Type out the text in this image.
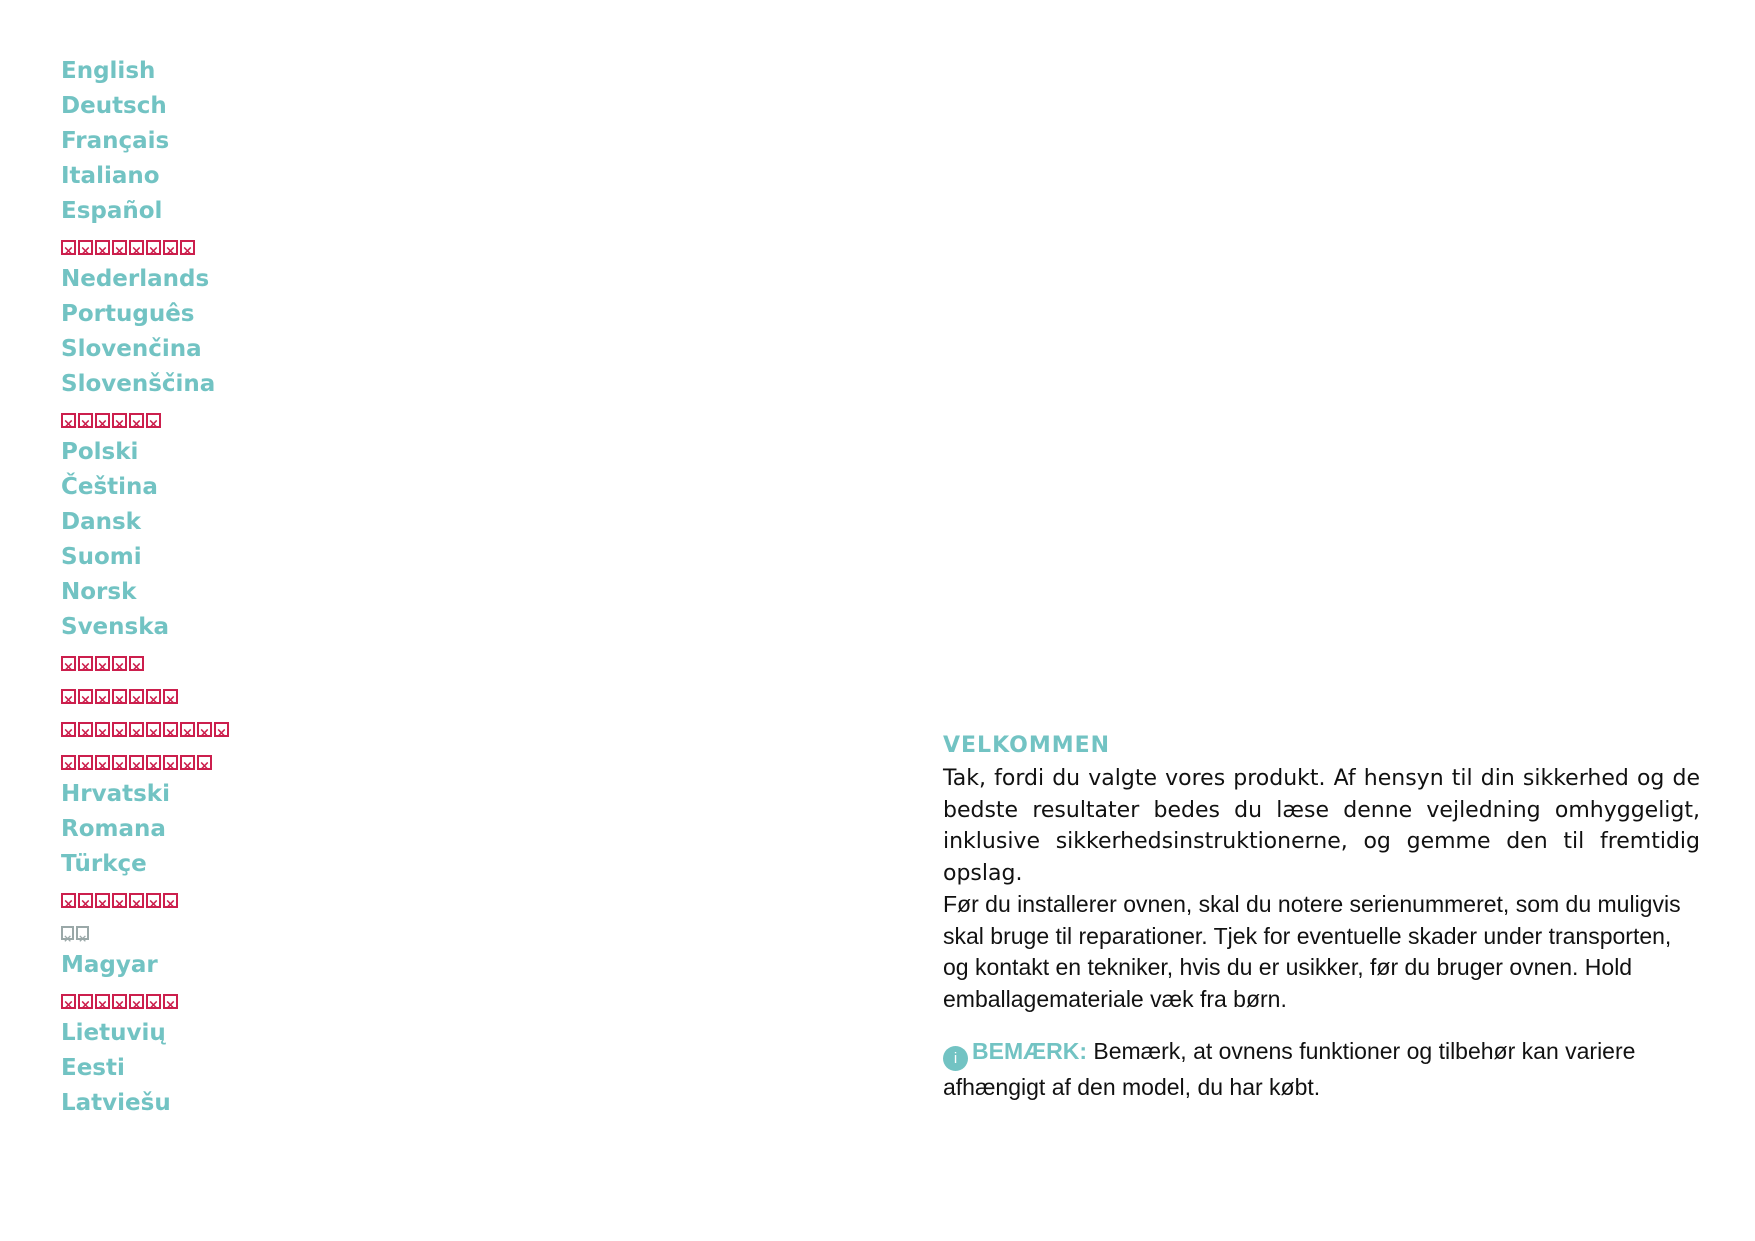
English
Deutsch
Français
Italiano
Español
×
×
×
×
×
×
×
×
Nederlands
Português
Slovenčina
Slovenščina
×
×
×
×
×
×
Polski
Čeština
Dansk
Suomi
Norsk
Svenska
×
×
×
×
×
×
×
×
×
×
×
×
×
×
×
×
×
×
×
×
×
×
×
×
×
×
×
×
×
×
×
Hrvatski
Romana
Türkçe
×
×
×
×
×
×
×
×
×
Magyar
×
×
×
×
×
×
×
Lietuvių
Eesti
Latviešu
VELKOMMEN

Tak, fordi du valgte vores produkt. Af hensyn til din sikkerhed og de bedste resultater bedes du læse denne vejledning omhyggeligt, inklusive sikkerhedsinstruktionerne, og gemme den til fremtidig opslag.

Før du installerer ovnen, skal du notere serienummeret, som du muligvis skal bruge til reparationer. Tjek for eventuelle skader under transporten, og kontakt en tekniker, hvis du er usikker, før du bruger ovnen. Hold emballagemateriale væk fra børn.

i BEMÆRK: Bemærk, at ovnens funktioner og tilbehør kan variere afhængigt af den model, du har købt.
